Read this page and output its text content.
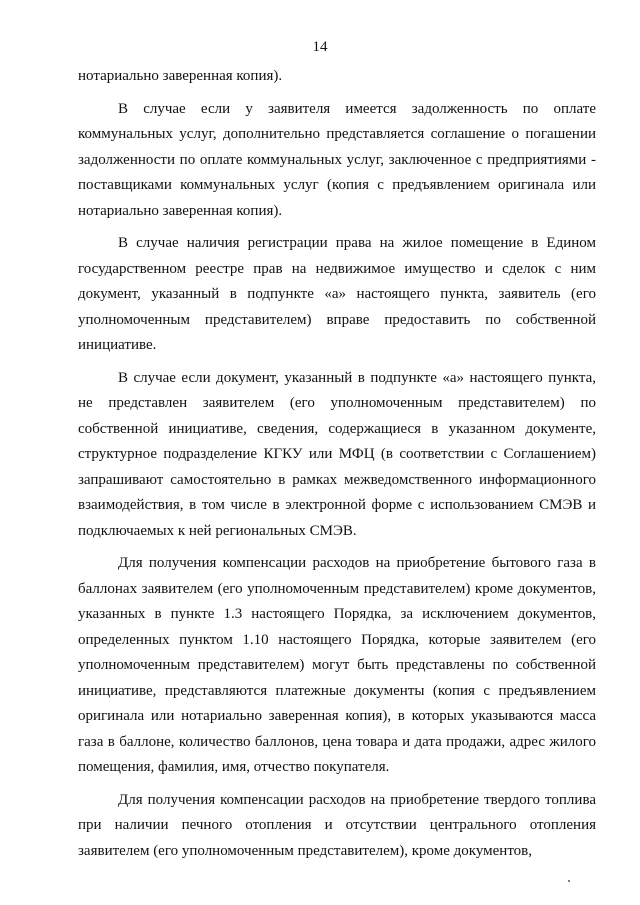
14

нотариально заверенная копия).

В случае если у заявителя имеется задолженность по оплате коммунальных услуг, дополнительно представляется соглашение о погашении задолженности по оплате коммунальных услуг, заключенное с предприятиями - поставщиками коммунальных услуг (копия с предъявлением оригинала или нотариально заверенная копия).

В случае наличия регистрации права на жилое помещение в Едином государственном реестре прав на недвижимое имущество и сделок с ним документ, указанный в подпункте «а» настоящего пункта, заявитель (его уполномоченным представителем) вправе предоставить по собственной инициативе.

В случае если документ, указанный в подпункте «а» настоящего пункта, не представлен заявителем (его уполномоченным представителем) по собственной инициативе, сведения, содержащиеся в указанном документе, структурное подразделение КГКУ или МФЦ (в соответствии с Соглашением) запрашивают самостоятельно в рамках межведомственного информационного взаимодействия, в том числе в электронной форме с использованием СМЭВ и подключаемых к ней региональных СМЭВ.

Для получения компенсации расходов на приобретение бытового газа в баллонах заявителем (его уполномоченным представителем) кроме документов, указанных в пункте 1.3 настоящего Порядка, за исключением документов, определенных пунктом 1.10 настоящего Порядка, которые заявителем (его уполномоченным представителем) могут быть представлены по собственной инициативе, представляются платежные документы (копия с предъявлением оригинала или нотариально заверенная копия), в которых указываются масса газа в баллоне, количество баллонов, цена товара и дата продажи, адрес жилого помещения, фамилия, имя, отчество покупателя.

Для получения компенсации расходов на приобретение твердого топлива при наличии печного отопления и отсутствии центрального отопления заявителем (его уполномоченным представителем), кроме документов,
